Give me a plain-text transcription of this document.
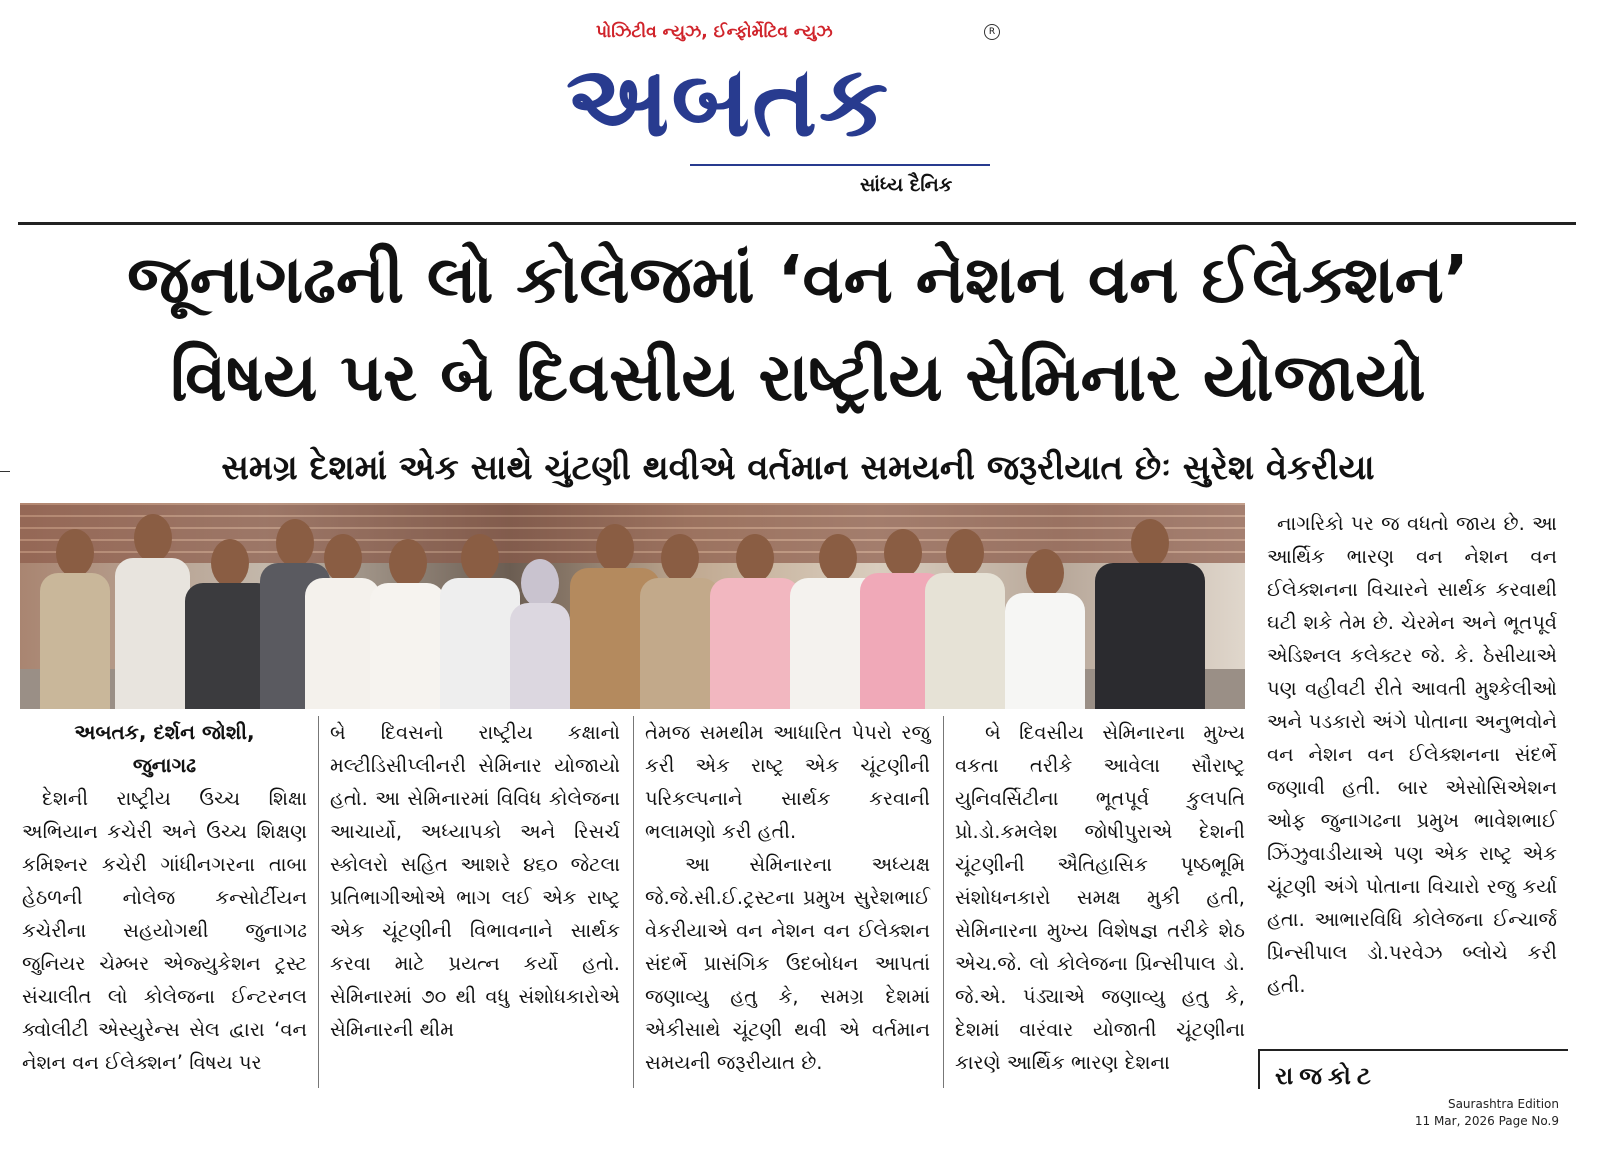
પોઝિટીવ ન્યુઝ, ઈન્ફોર્મેટિવ ન્યુઝ	R
અબતક
સાંધ્ય દૈનિક
જૂનાગઢની લો કોલેજમાં ‘વન નેશન વન ઈલેક્શન’
વિષય પર બે દિવસીય રાષ્ટ્રીય સેમિનાર યોજાયો
સમગ્ર દેશમાં એક સાથે ચુંટણી થવીએ વર્તમાન સમયની જરૂરીયાત છેઃ સુરેશ વેકરીયા
અબતક, દર્શન જોશી,
જુનાગઢ

દેશની રાષ્ટ્રીય ઉચ્ચ શિક્ષા અભિયાન કચેરી અને ઉચ્ચ શિક્ષણ કમિશ્નર કચેરી ગાંધીનગરના તાબા હેઠળની નોલેજ કન્સોર્ટીયન કચેરીના સહયોગથી જુનાગઢ જુનિયર ચેમ્બર એજ્યુકેશન ટ્રસ્ટ સંચાલીત લો કોલેજના ઈન્ટરનલ ક્વોલીટી એસ્યુરેન્સ સેલ દ્વારા ‘વન નેશન વન ઈલેક્શન’ વિષય પર

બે દિવસનો રાષ્ટ્રીય કક્ષાનો મલ્ટીડિસીપ્લીનરી સેમિનાર યોજાયો હતો. આ સેમિનારમાં વિવિધ કોલેજના આચાર્યો, અધ્યાપકો અને રિસર્ચ સ્કોલરો સહિત આશરે ૪૬૦ જેટલા પ્રતિભાગીઓએ ભાગ લઈ એક રાષ્ટ્ર એક ચૂંટણીની વિભાવનાને સાર્થક કરવા માટે પ્રયત્ન કર્યો હતો. સેમિનારમાં ૭૦ થી વધુ સંશોધકારોએ સેમિનારની થીમ

તેમજ સમથીમ આધારિત પેપરો રજુ કરી એક રાષ્ટ્ર એક ચૂંટણીની પરિકલ્પનાને સાર્થક કરવાની ભલામણો કરી હતી.

આ સેમિનારના અધ્યક્ષ જે.જે.સી.ઈ.ટ્રસ્ટના પ્રમુખ સુરેશભાઈ વેકરીયાએ વન નેશન વન ઈલેક્શન સંદર્ભે પ્રાસંગિક ઉદબોધન આપતાં જણાવ્યુ હતુ કે, સમગ્ર દેશમાં એકીસાથે ચૂંટણી થવી એ વર્તમાન સમયની જરૂરીયાત છે.

બે દિવસીય સેમિનારના મુખ્ય વકતા તરીકે આવેલા સૌરાષ્ટ્ર યુનિવર્સિટીના ભૂતપૂર્વ કુલપતિ પ્રો.ડો.કમલેશ જોષીપુરાએ દેશની ચૂંટણીની ઐતિહાસિક પૃષ્ઠભૂમિ સંશોધનકારો સમક્ષ મુકી હતી, સેમિનારના મુખ્ય વિશેષજ્ઞ તરીકે શેઠ એચ.જે. લો કોલેજના પ્રિન્સીપાલ ડો. જે.એ. પંડ્યાએ જણાવ્યુ હતુ કે, દેશમાં વારંવાર યોજાતી ચૂંટણીના કારણે આર્થિક ભારણ દેશના

નાગરિકો પર જ વધતો જાય છે. આ આર્થિક ભારણ વન નેશન વન ઈલેક્શનના વિચારને સાર્થક કરવાથી ઘટી શકે તેમ છે. ચેરમેન અને ભૂતપૂર્વ એડિશ્નલ કલેક્ટર જે. કે. ઠેસીયાએ પણ વહીવટી રીતે આવતી મુશ્કેલીઓ અને પડકારો અંગે પોતાના અનુભવોને વન નેશન વન ઈલેક્શનના સંદર્ભે જણાવી હતી. બાર એસોસિએશન ઓફ જુનાગઢના પ્રમુખ ભાવેશભાઈ ઝિંઝુવાડીયાએ પણ એક રાષ્ટ્ર એક ચૂંટણી અંગે પોતાના વિચારો રજુ કર્યા હતા. આભારવિધિ કોલેજના ઈન્ચાર્જ પ્રિન્સીપાલ ડો.પરવેઝ બ્લોચે કરી હતી.

રાજકોટ
Saurashtra Edition
11 Mar, 2026 Page No.9
